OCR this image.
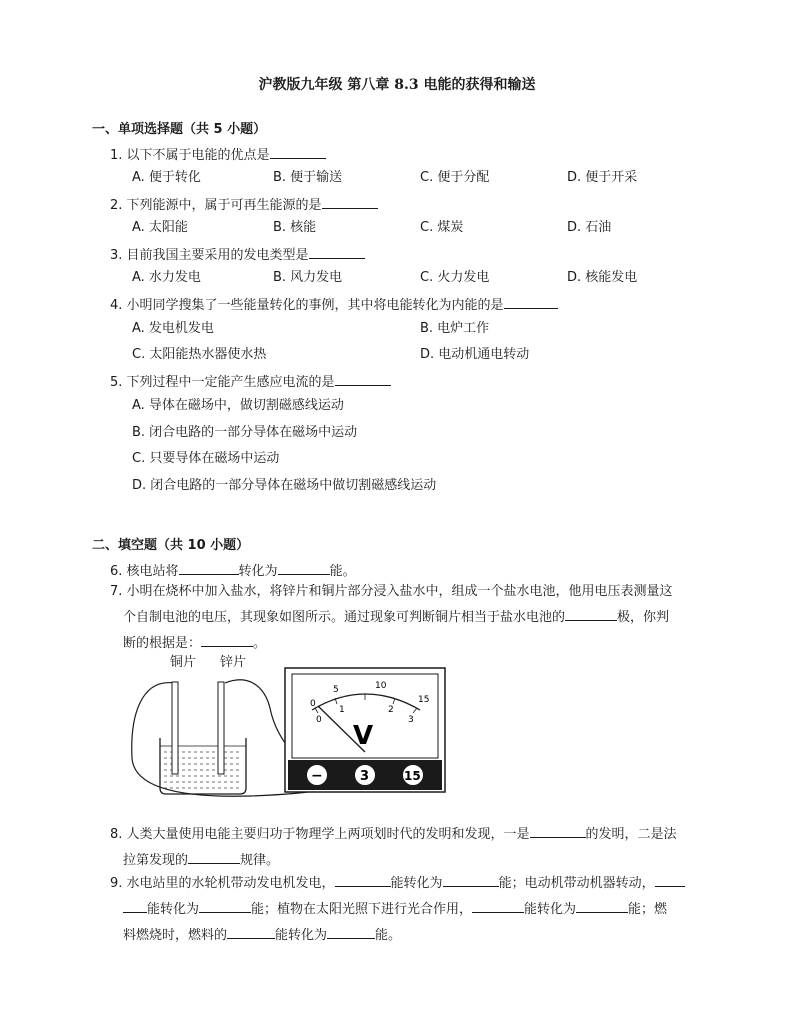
沪教版九年级 第八章 8.3 电能的获得和输送
一、单项选择题（共 5 小题）
1. 以下不属于电能的优点是
A. 便于转化	B. 便于输送	C. 便于分配	D. 便于开采
2. 下列能源中，属于可再生能源的是
A. 太阳能	B. 核能	C. 煤炭	D. 石油
3. 目前我国主要采用的发电类型是
A. 水力发电	B. 风力发电	C. 火力发电	D. 核能发电
4. 小明同学搜集了一些能量转化的事例，其中将电能转化为内能的是
A. 发电机发电	B. 电炉工作
C. 太阳能热水器使水热	D. 电动机通电转动
5. 下列过程中一定能产生感应电流的是
A. 导体在磁场中，做切割磁感线运动
B. 闭合电路的一部分导体在磁场中运动
C. 只要导体在磁场中运动
D. 闭合电路的一部分导体在磁场中做切割磁感线运动
二、填空题（共 10 小题）
6. 核电站将	转化为	能。
7. 小明在烧杯中加入盐水，将锌片和铜片部分浸入盐水中，组成一个盐水电池，他用电压表测量这
个自制电池的电压，其现象如图所示。通过现象可判断铜片相当于盐水电池的	极，你判
断的根据是：	。
铜片 锌片
0
5	10
15
0
1	2
3
V
−	3	15
8. 人类大量使用电能主要归功于物理学上两项划时代的发明和发现，一是	的发明，二是法
拉第发现的	规律。
9. 水电站里的水轮机带动发电机发电，	能转化为	能；电动机带动机器转动，
能转化为	能；植物在太阳光照下进行光合作用，	能转化为	能；燃
料燃烧时，燃料的	能转化为	能。
